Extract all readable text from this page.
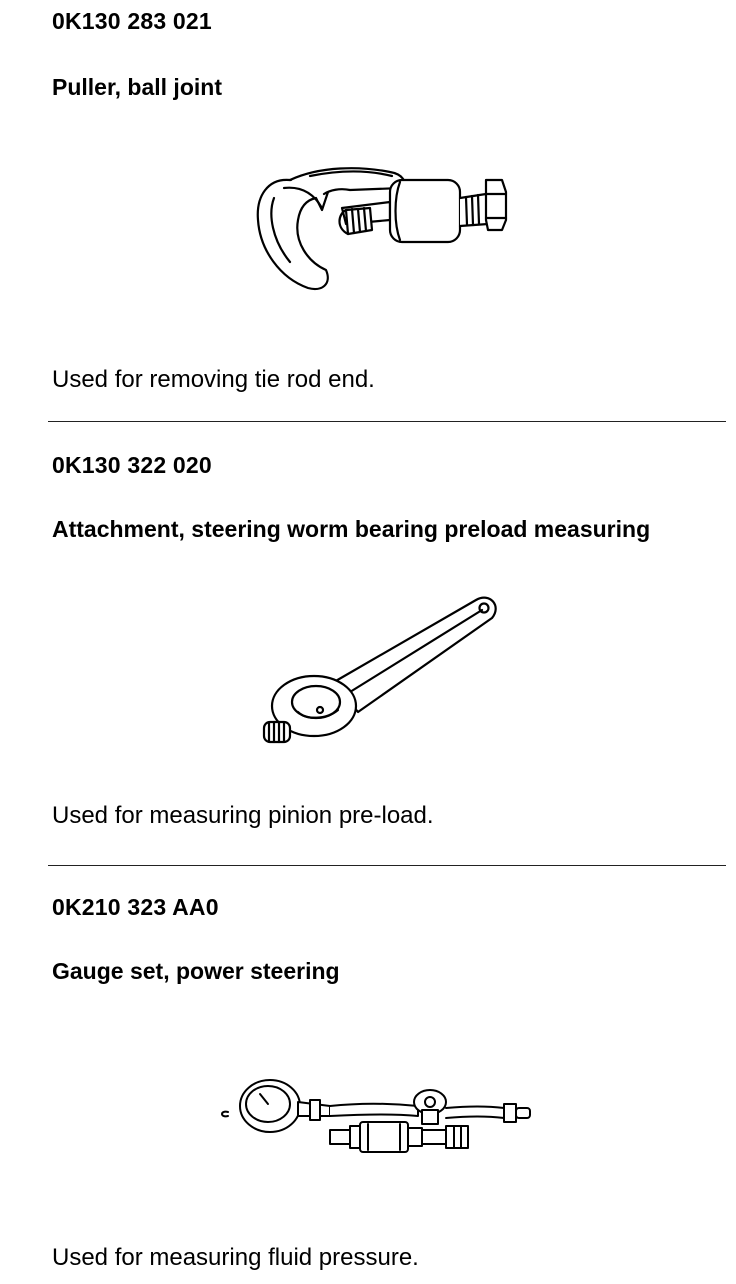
0K130 283 021

Puller, ball joint

Used for removing tie rod end.

0K130 322 020

Attachment, steering worm bearing preload measuring

Used for measuring pinion pre-load.

0K210 323 AA0

Gauge set, power steering

Used for measuring fluid pressure.
